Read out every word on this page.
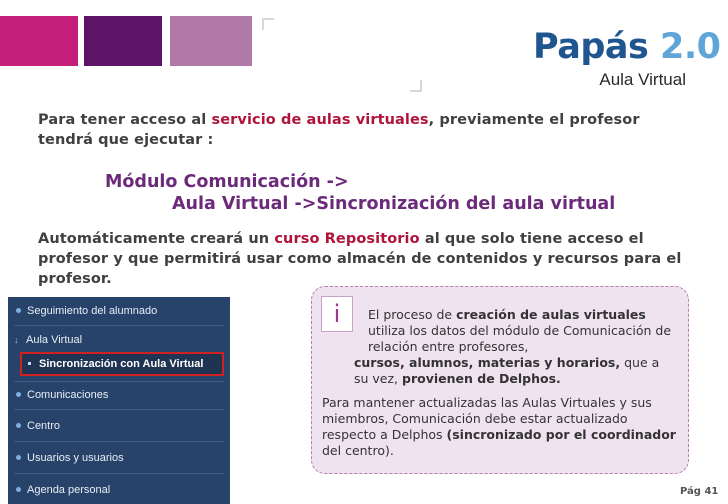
Papás 2.0
Aula Virtual
Para tener acceso al servicio de aulas virtuales, previamente el profesor tendrá que ejecutar :
Módulo Comunicación ->
Aula Virtual ->Sincronización del aula virtual
Automáticamente creará un curso Repositorio al que solo tiene acceso el profesor y que permitirá usar como almacén de contenidos y recursos para el profesor.
Seguimiento del alumnado
↓ Aula Virtual
Sincronización con Aula Virtual
Comunicaciones
Centro
Usuarios y usuarios
Agenda personal
i	El proceso de creación de aulas virtuales utiliza los datos del módulo de Comunicación de relación entre profesores,
cursos, alumnos, materias y horarios, que a su vez, provienen de Delphos.
Para mantener actualizadas las Aulas Virtuales y sus miembros, Comunicación debe estar actualizado respecto a Delphos (sincronizado por el coordinador del centro).
Pág 41
